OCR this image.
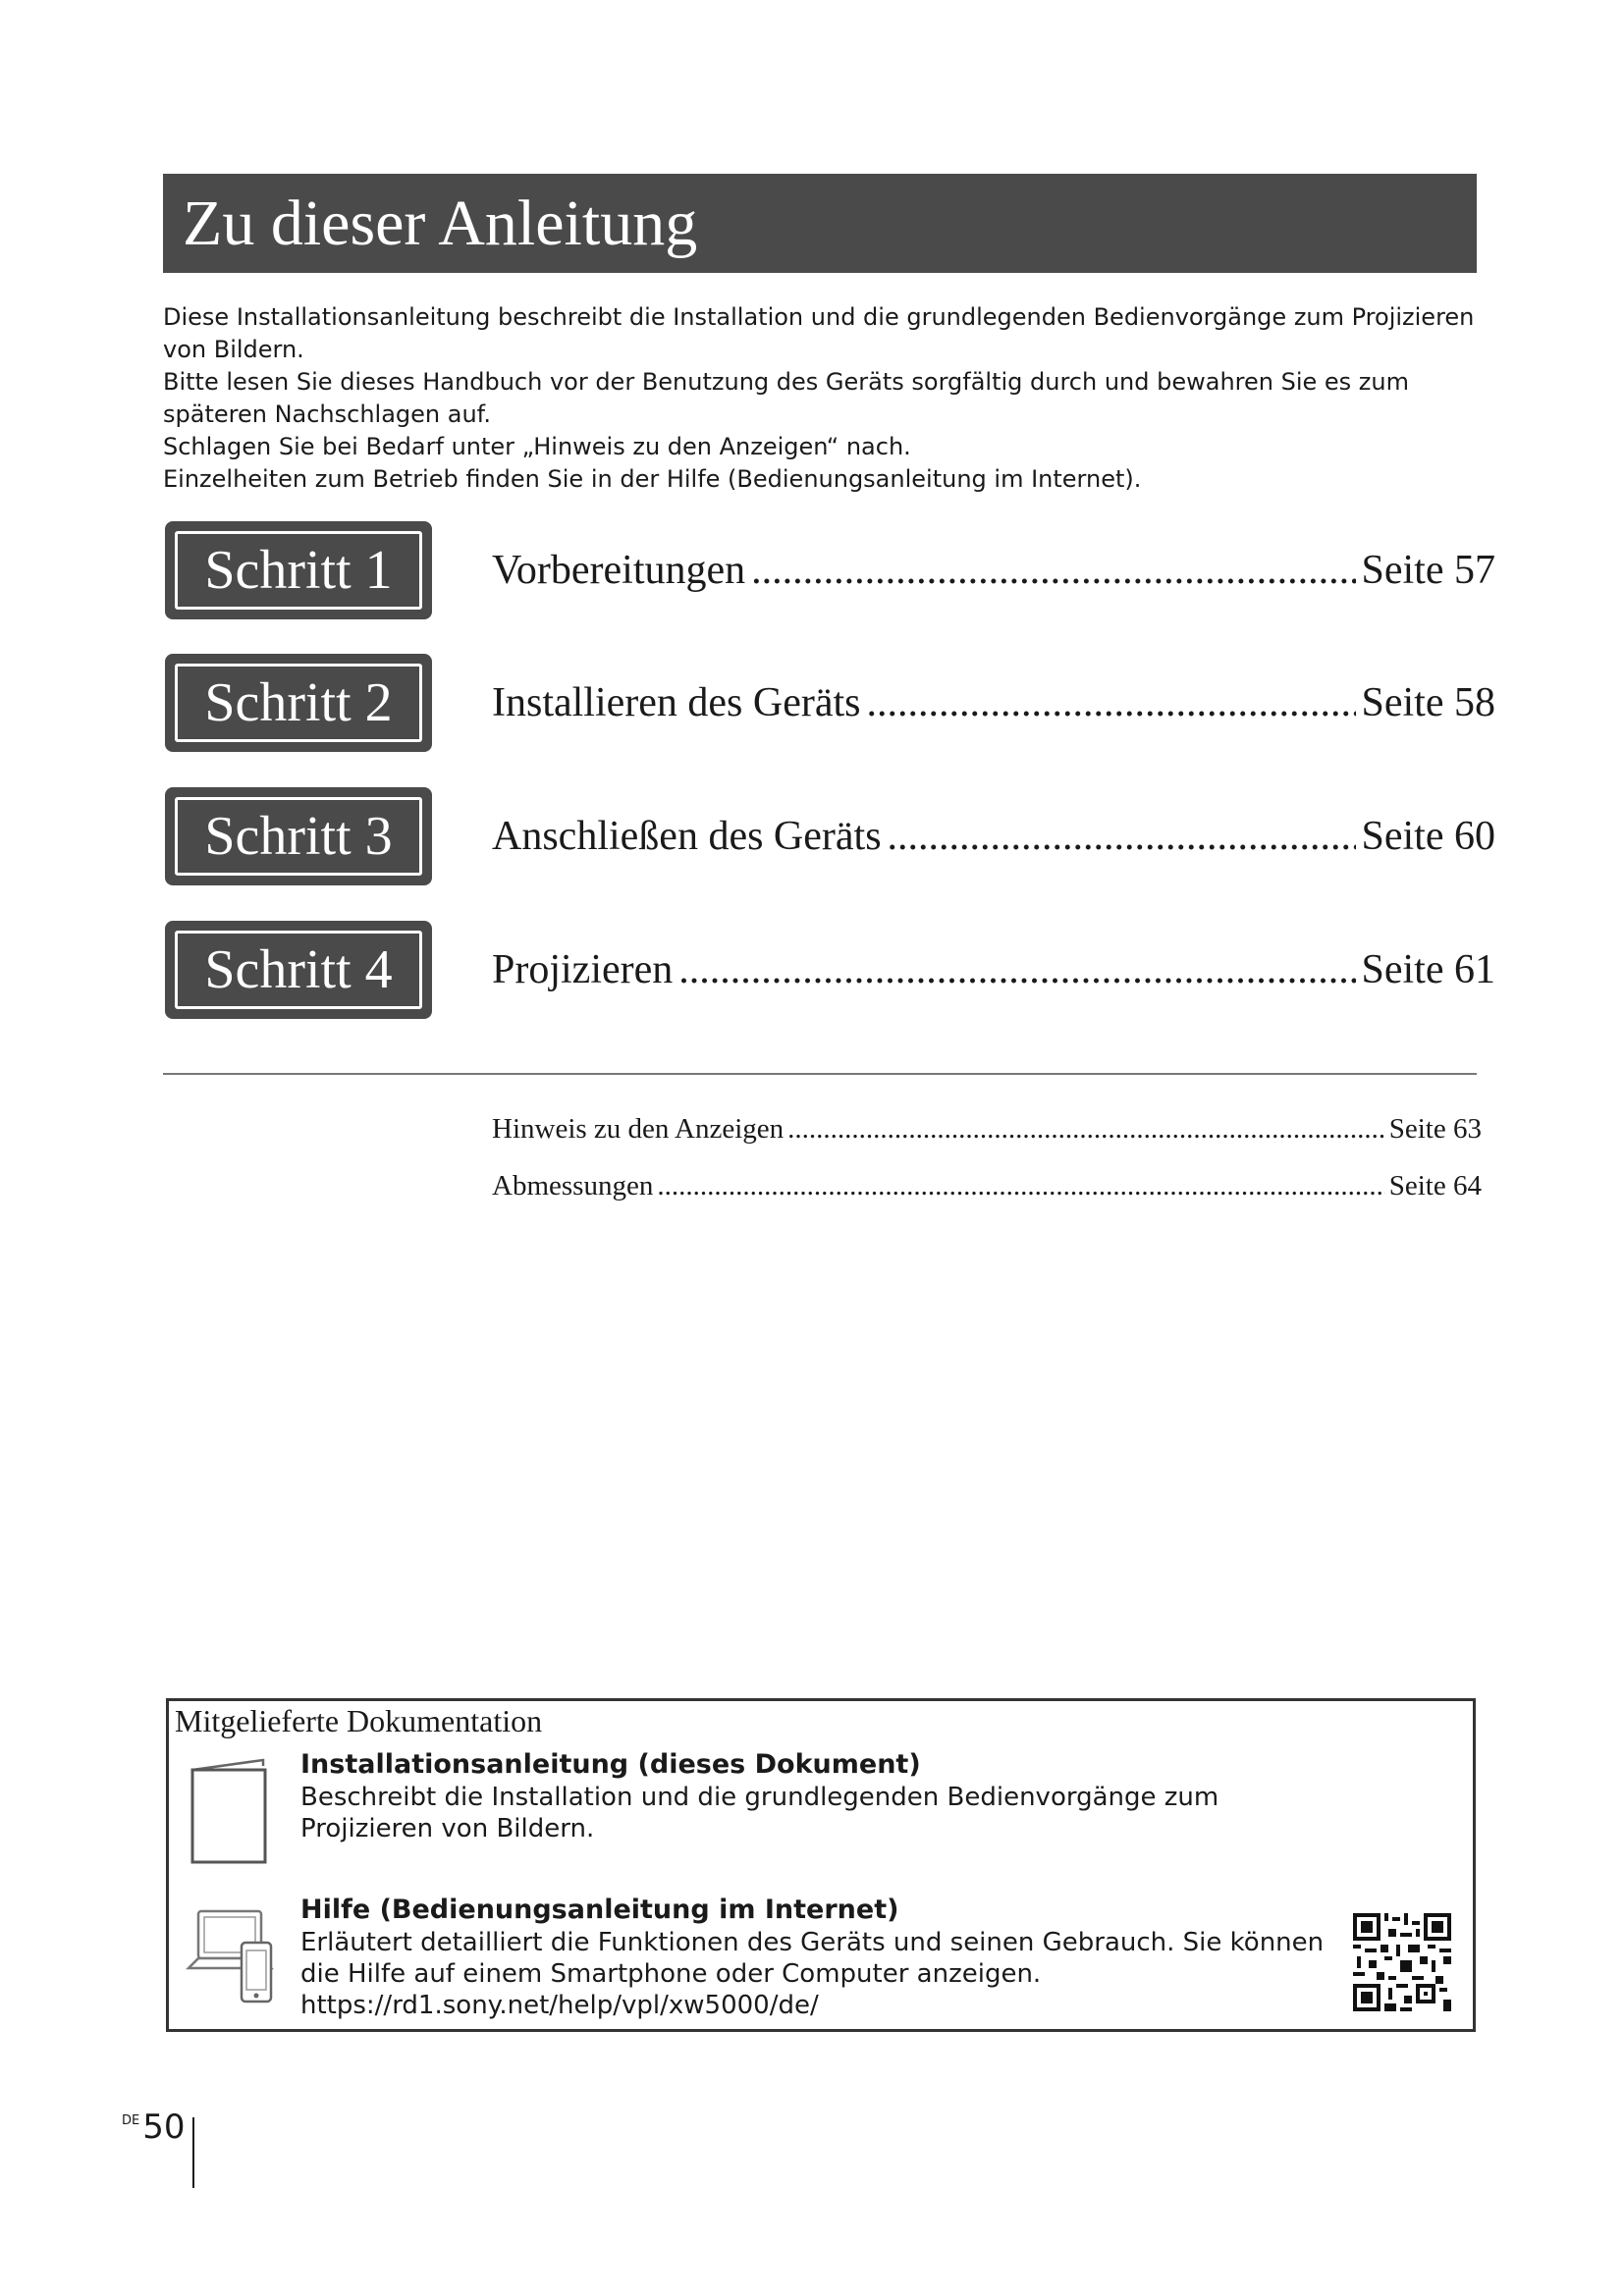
Zu dieser Anleitung

Diese Installationsanleitung beschreibt die Installation und die grundlegenden Bedienvorgänge zum Projizieren von Bildern.

Bitte lesen Sie dieses Handbuch vor der Benutzung des Geräts sorgfältig durch und bewahren Sie es zum späteren Nachschlagen auf.

Schlagen Sie bei Bedarf unter „Hinweis zu den Anzeigen“ nach.

Einzelheiten zum Betrieb finden Sie in der Hilfe (Bedienungsanleitung im Internet).

Schritt 1	Vorbereitungen .....	Seite 57
Schritt 2	Installieren des Geräts .....	Seite 58
Schritt 3	Anschließen des Geräts .....	Seite 60
Schritt 4	Projizieren .....	Seite 61
Hinweis zu den Anzeigen .....	Seite 63
Abmessungen .....	Seite 64
Mitgelieferte Dokumentation
Installationsanleitung (dieses Dokument)

Beschreibt die Installation und die grundlegenden Bedienvorgänge zum

Projizieren von Bildern.

Hilfe (Bedienungsanleitung im Internet)

Erläutert detailliert die Funktionen des Geräts und seinen Gebrauch. Sie können

die Hilfe auf einem Smartphone oder Computer anzeigen.

https://rd1.sony.net/help/vpl/xw5000/de/

DE 50
